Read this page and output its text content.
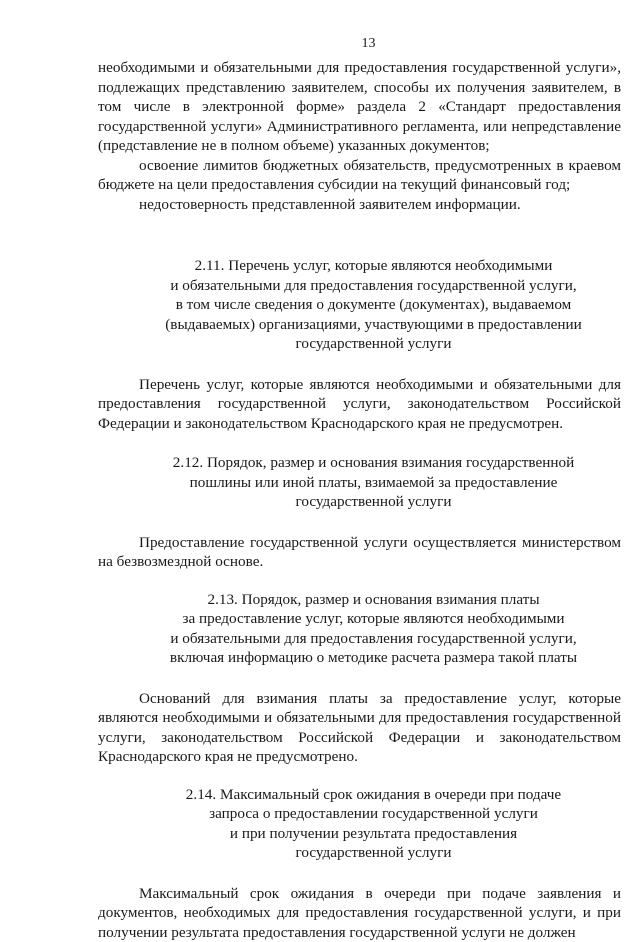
13

необходимыми и обязательными для предоставления государственной услуги», подлежащих представлению заявителем, способы их получения заявителем, в том числе в электронной форме» раздела 2 «Стандарт предоставления государственной услуги» Административного регламента, или непредставление (представление не в полном объеме) указанных документов;

освоение лимитов бюджетных обязательств, предусмотренных в краевом бюджете на цели предоставления субсидии на текущий финансовый год;

недостоверность представленной заявителем информации.

2.11. Перечень услуг, которые являются необходимыми
и обязательными для предоставления государственной услуги,
в том числе сведения о документе (документах), выдаваемом
(выдаваемых) организациями, участвующими в предоставлении
государственной услуги

Перечень услуг, которые являются необходимыми и обязательными для предоставления государственной услуги, законодательством Российской Федерации и законодательством Краснодарского края не предусмотрен.

2.12. Порядок, размер и основания взимания государственной
пошлины или иной платы, взимаемой за предоставление
государственной услуги

Предоставление государственной услуги осуществляется министерством на безвозмездной основе.

2.13. Порядок, размер и основания взимания платы
за предоставление услуг, которые являются необходимыми
и обязательными для предоставления государственной услуги,
включая информацию о методике расчета размера такой платы

Оснований для взимания платы за предоставление услуг, которые являются необходимыми и обязательными для предоставления государственной услуги, законодательством Российской Федерации и законодательством Краснодарского края не предусмотрено.

2.14. Максимальный срок ожидания в очереди при подаче
запроса о предоставлении государственной услуги
и при получении результата предоставления
государственной услуги

Максимальный срок ожидания в очереди при подаче заявления и документов, необходимых для предоставления государственной услуги, и при получении результата предоставления государственной услуги не должен
